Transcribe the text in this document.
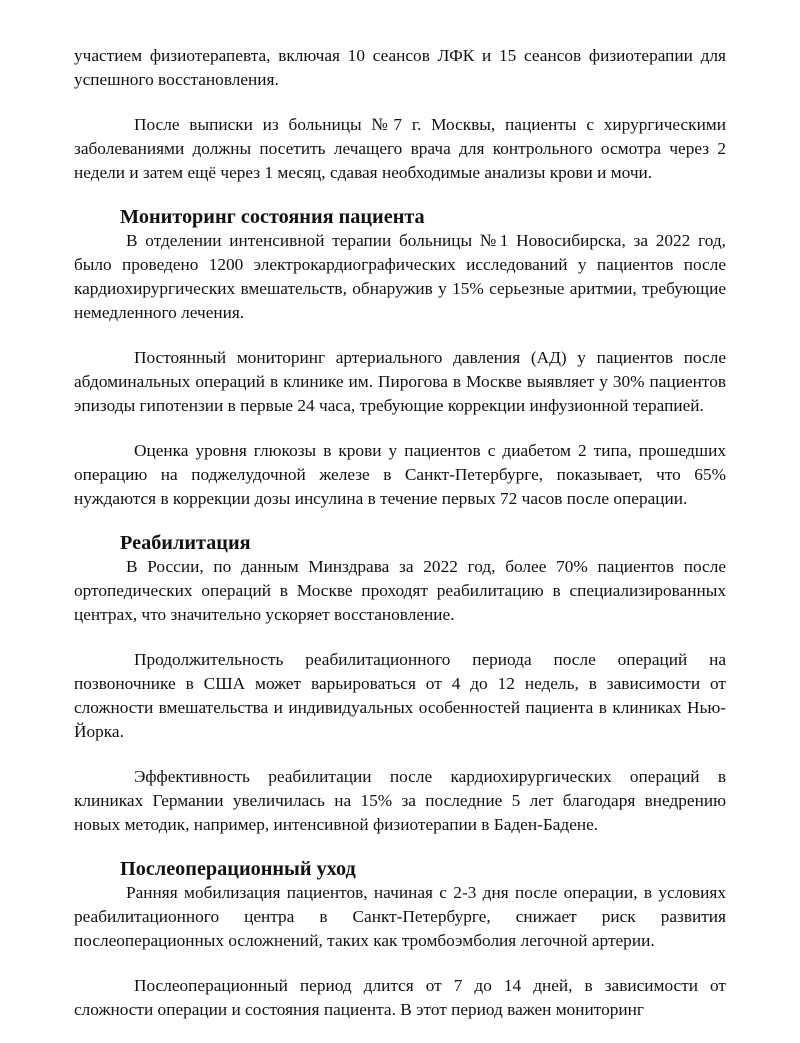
участием физиотерапевта, включая 10 сеансов ЛФК и 15 сеансов физиотерапии для успешного восстановления.

После выписки из больницы №7 г. Москвы, пациенты с хирургическими заболеваниями должны посетить лечащего врача для контрольного осмотра через 2 недели и затем ещё через 1 месяц, сдавая необходимые анализы крови и мочи.

Мониторинг состояния пациента

В отделении интенсивной терапии больницы №1 Новосибирска, за 2022 год, было проведено 1200 электрокардиографических исследований у пациентов после кардиохирургических вмешательств, обнаружив у 15% серьезные аритмии, требующие немедленного лечения.

Постоянный мониторинг артериального давления (АД) у пациентов после абдоминальных операций в клинике им. Пирогова в Москве выявляет у 30% пациентов эпизоды гипотензии в первые 24 часа, требующие коррекции инфузионной терапией.

Оценка уровня глюкозы в крови у пациентов с диабетом 2 типа, прошедших операцию на поджелудочной железе в Санкт-Петербурге, показывает, что 65% нуждаются в коррекции дозы инсулина в течение первых 72 часов после операции.

Реабилитация

В России, по данным Минздрава за 2022 год, более 70% пациентов после ортопедических операций в Москве проходят реабилитацию в специализированных центрах, что значительно ускоряет восстановление.

Продолжительность реабилитационного периода после операций на позвоночнике в США может варьироваться от 4 до 12 недель, в зависимости от сложности вмешательства и индивидуальных особенностей пациента в клиниках Нью-Йорка.

Эффективность реабилитации после кардиохирургических операций в клиниках Германии увеличилась на 15% за последние 5 лет благодаря внедрению новых методик, например, интенсивной физиотерапии в Баден-Бадене.

Послеоперационный уход

Ранняя мобилизация пациентов, начиная с 2-3 дня после операции, в условиях реабилитационного центра в Санкт-Петербурге, снижает риск развития послеоперационных осложнений, таких как тромбоэмболия легочной артерии.

Послеоперационный период длится от 7 до 14 дней, в зависимости от сложности операции и состояния пациента. В этот период важен мониторинг
